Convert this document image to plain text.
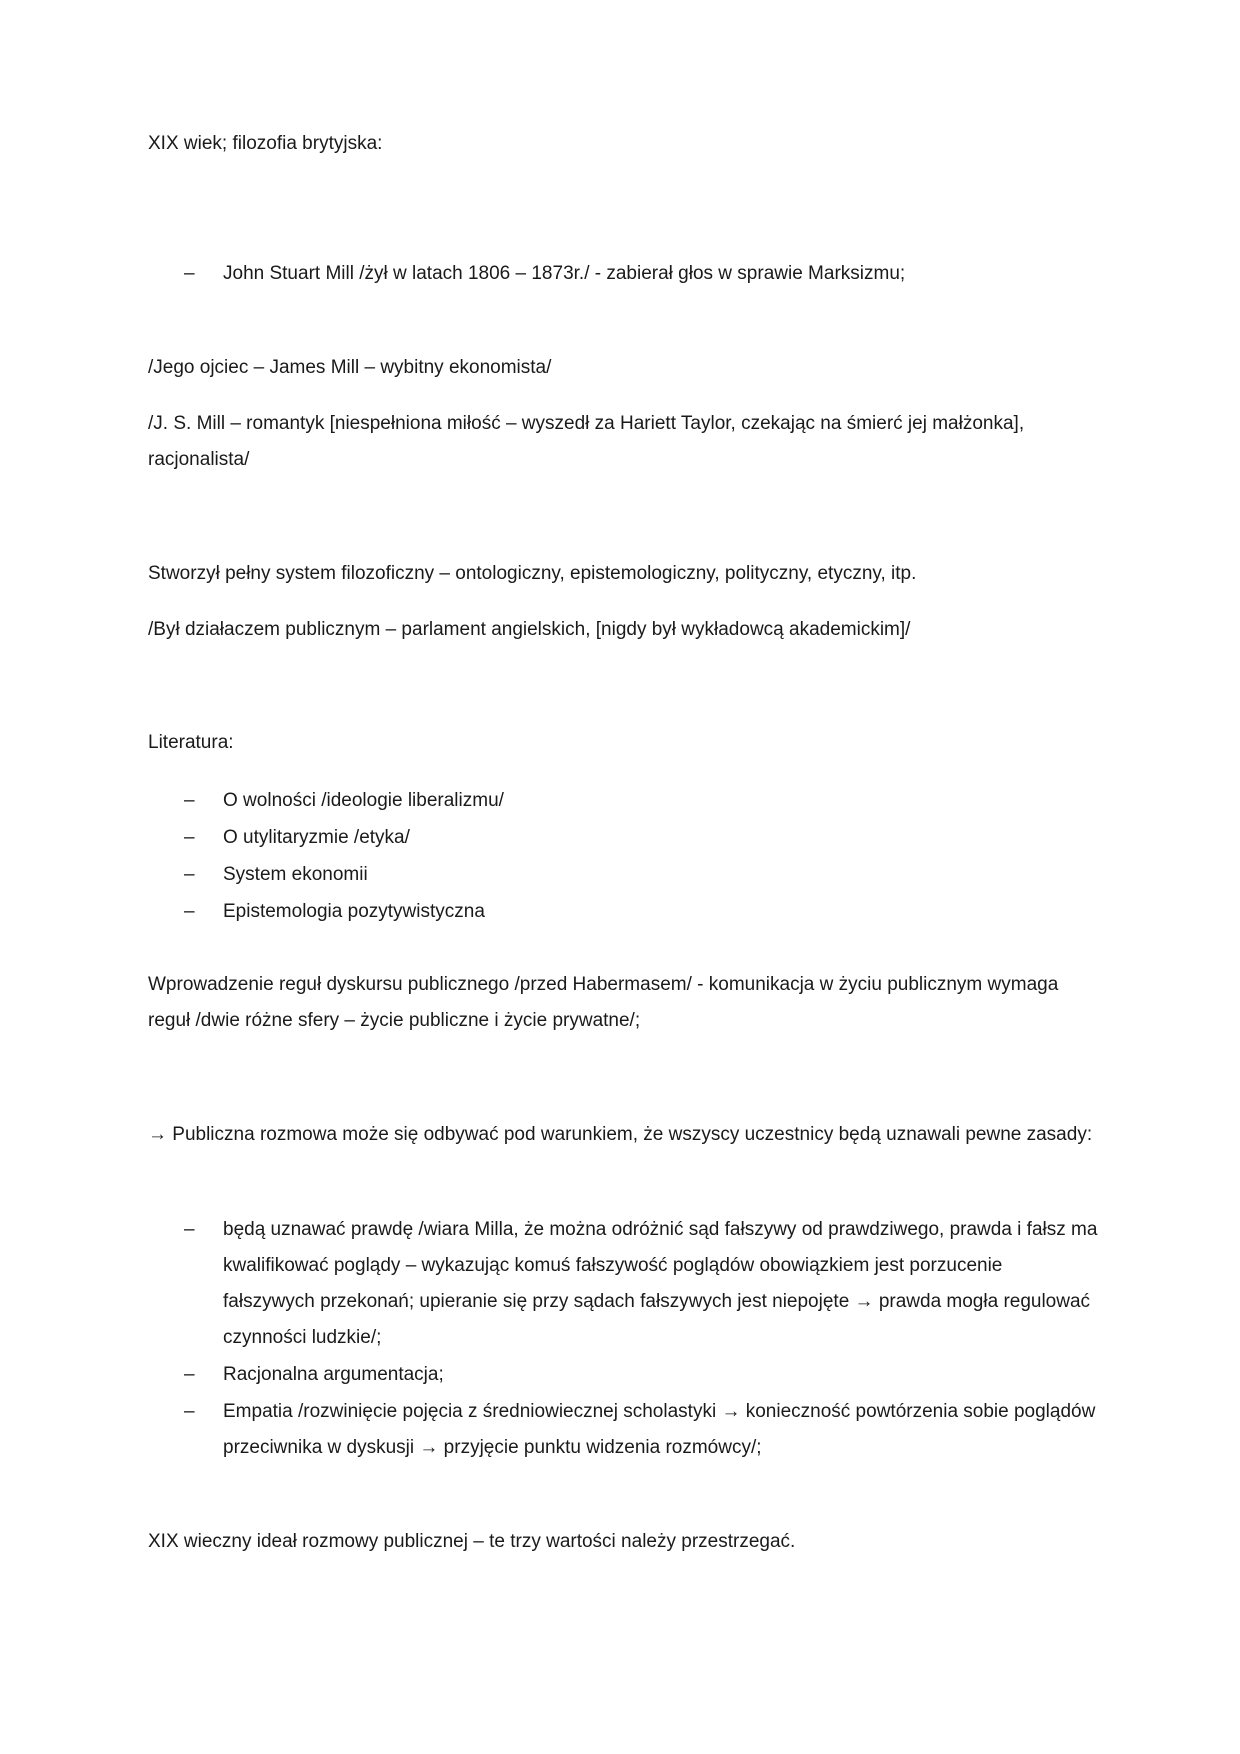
XIX wiek; filozofia brytyjska:

–	John Stuart Mill /żył w latach 1806 – 1873r./ - zabierał głos w sprawie Marksizmu;

/Jego ojciec – James Mill – wybitny ekonomista/

/J. S. Mill – romantyk [niespełniona miłość – wyszedł za Hariett Taylor, czekając na śmierć jej małżonka], racjonalista/

Stworzył pełny system filozoficzny – ontologiczny, epistemologiczny, polityczny, etyczny, itp.

/Był działaczem publicznym – parlament angielskich, [nigdy był wykładowcą akademickim]/

Literatura:

–	O wolności /ideologie liberalizmu/
–	O utylitaryzmie /etyka/
–	System ekonomii
–	Epistemologia pozytywistyczna

Wprowadzenie reguł dyskursu publicznego /przed Habermasem/ - komunikacja w życiu publicznym wymaga reguł /dwie różne sfery – życie publiczne i życie prywatne/;

→ Publiczna rozmowa może się odbywać pod warunkiem, że wszyscy uczestnicy będą uznawali pewne zasady:

–	będą uznawać prawdę /wiara Milla, że można odróżnić sąd fałszywy od prawdziwego, prawda i fałsz ma kwalifikować poglądy – wykazując komuś fałszywość poglądów obowiązkiem jest porzucenie fałszywych przekonań; upieranie się przy sądach fałszywych jest niepojęte → prawda mogła regulować czynności ludzkie/;
–	Racjonalna argumentacja;
–	Empatia /rozwinięcie pojęcia z średniowiecznej scholastyki → konieczność powtórzenia sobie poglądów przeciwnika w dyskusji → przyjęcie punktu widzenia rozmówcy/;

XIX wieczny ideał rozmowy publicznej – te trzy wartości należy przestrzegać.
